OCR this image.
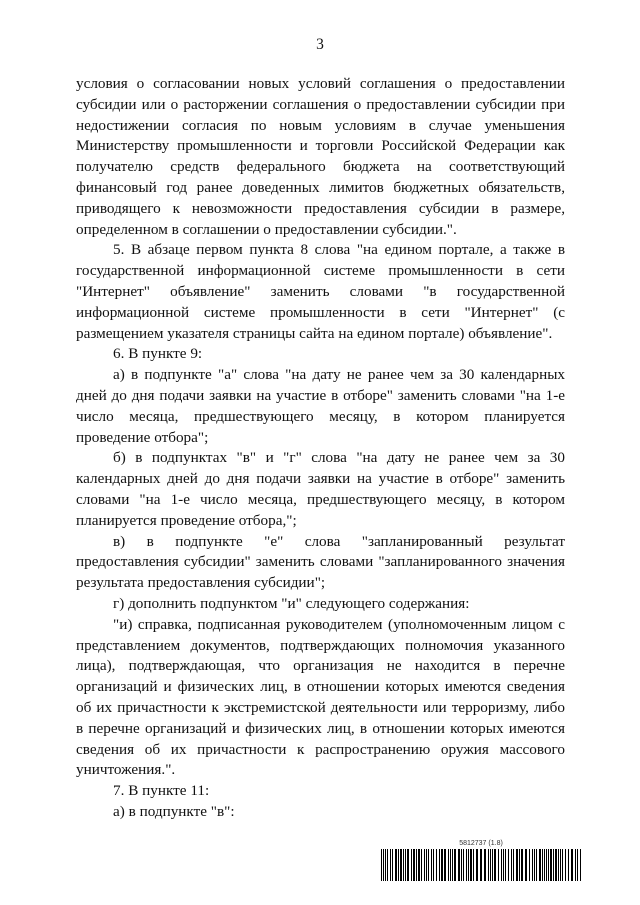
3

условия о согласовании новых условий соглашения о предоставлении субсидии или о расторжении соглашения о предоставлении субсидии при недостижении согласия по новым условиям в случае уменьшения Министерству промышленности и торговли Российской Федерации как получателю средств федерального бюджета на соответствующий финансовый год ранее доведенных лимитов бюджетных обязательств, приводящего к невозможности предоставления субсидии в размере, определенном в соглашении о предоставлении субсидии.".

5. В абзаце первом пункта 8 слова "на едином портале, а также в государственной информационной системе промышленности в сети "Интернет" объявление" заменить словами "в государственной информационной системе промышленности в сети "Интернет" (с размещением указателя страницы сайта на едином портале) объявление".

6. В пункте 9:

а) в подпункте "а" слова "на дату не ранее чем за 30 календарных дней до дня подачи заявки на участие в отборе" заменить словами "на 1-е число месяца, предшествующего месяцу, в котором планируется проведение отбора";

б) в подпунктах "в" и "г" слова "на дату не ранее чем за 30 календарных дней до дня подачи заявки на участие в отборе" заменить словами "на 1-е число месяца, предшествующего месяцу, в котором планируется проведение отбора,";

в) в подпункте "е" слова "запланированный результат предоставления субсидии" заменить словами "запланированного значения результата предоставления субсидии";

г) дополнить подпунктом "и" следующего содержания:

"и) справка, подписанная руководителем (уполномоченным лицом с представлением документов, подтверждающих полномочия указанного лица), подтверждающая, что организация не находится в перечне организаций и физических лиц, в отношении которых имеются сведения об их причастности к экстремистской деятельности или терроризму, либо в перечне организаций и физических лиц, в отношении которых имеются сведения об их причастности к распространению оружия массового уничтожения.".

7. В пункте 11:

а) в подпункте "в":

5812737 (1.8)
